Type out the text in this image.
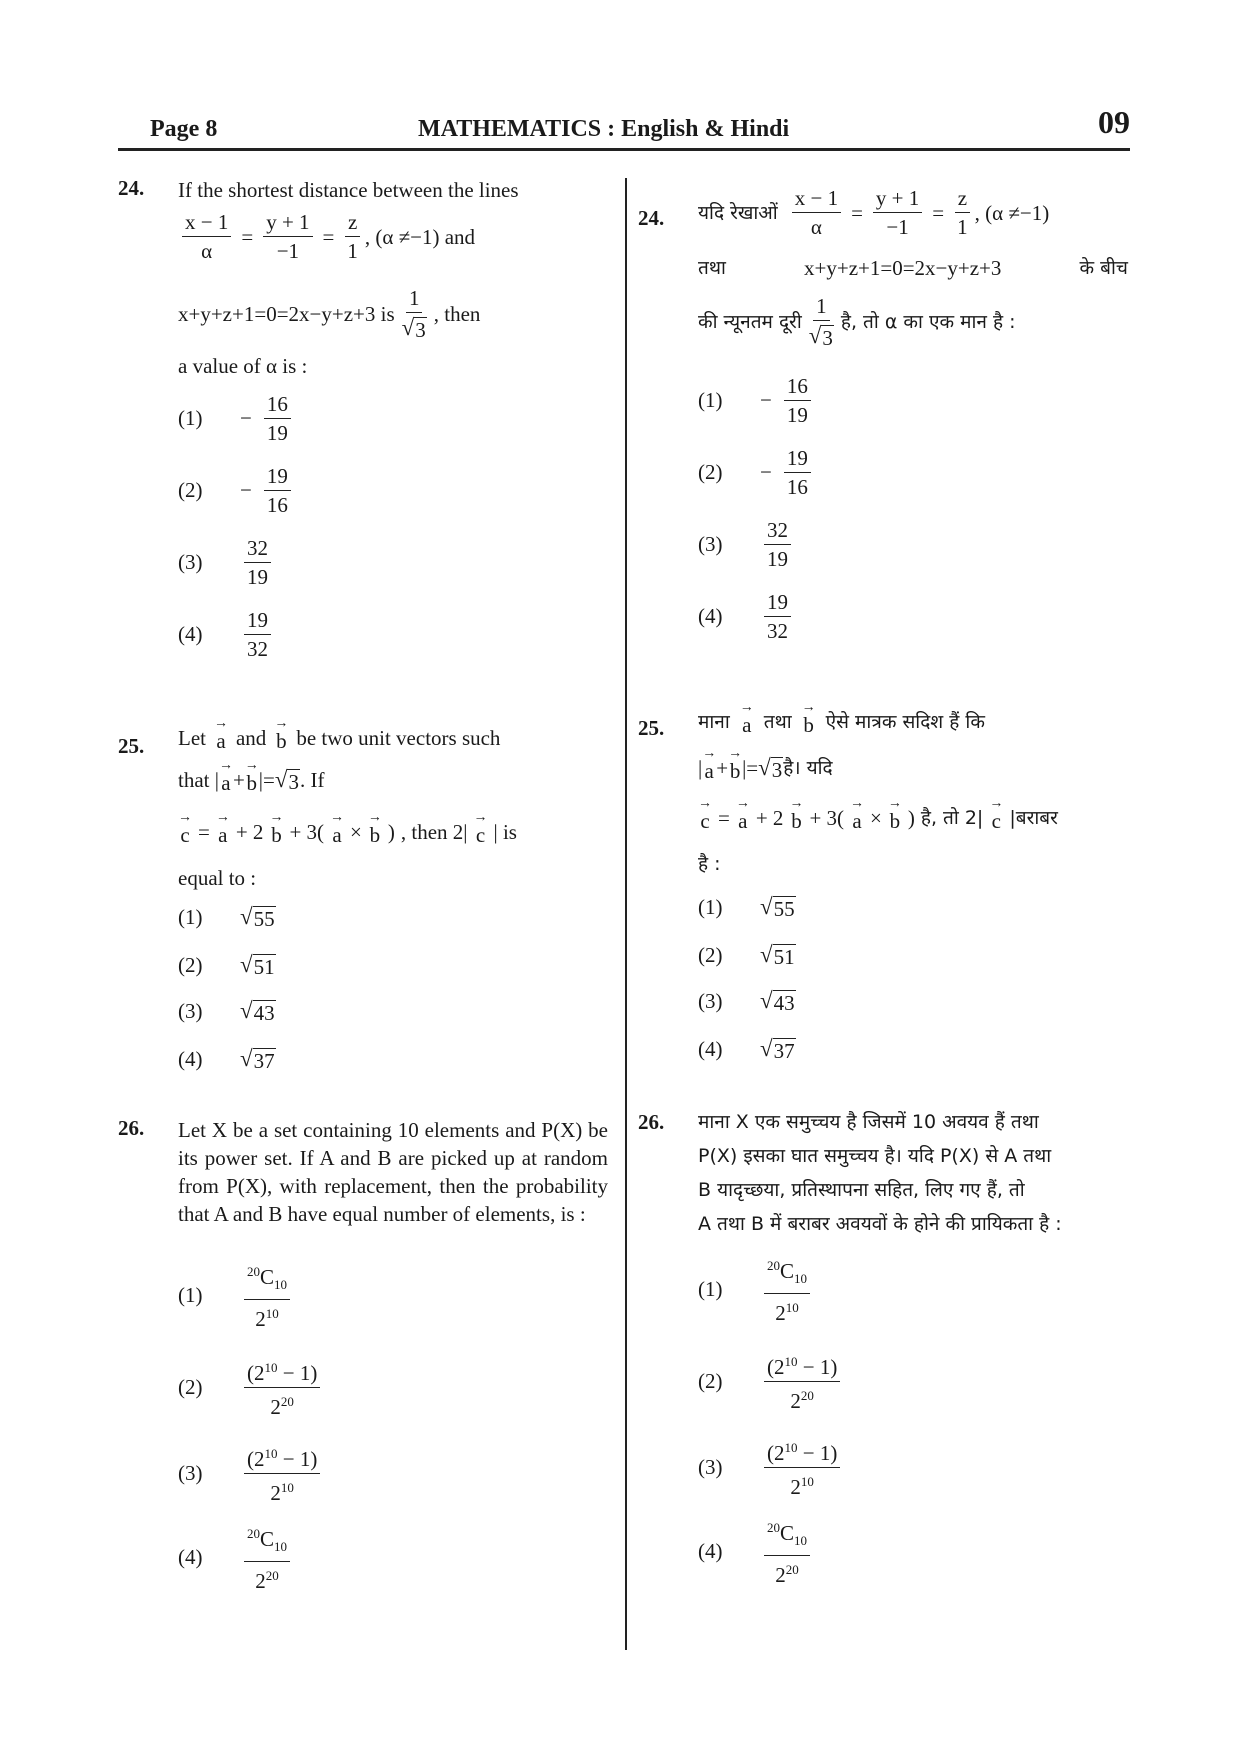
Page 8	MATHEMATICS : English & Hindi	09
24. If the shortest distance between the lines
$\frac{x - 1}{\alpha} = \frac{y + 1}{-1} = \frac{z}{1}$ , (α ≠−1) and
x+y+z+1=0=2x−y+z+3 is $\frac{1}{√ 3}$ , then
a value of α is :
(1)	− $\frac{16}{19}$
(2)	− $\frac{19}{16}$
(3)	$\frac{32}{19}$
(4)	$\frac{19}{32}$
25. Let
→
a and
→
b be two unit vectors such
that |
→
a +
→
b |= √ 3 . If
→
c =
→
a + 2
→
b + 3(
→
a ×
→
b ) , then 2|
→
c | is
equal to :
(1)	√ 55
(2)	√ 51
(3)	√ 43
(4)	√ 37
26. Let X be a set containing 10 elements and P(X) be its power set. If A and B are picked up at random from P(X), with replacement, then the probability that A and B have equal number of elements, is :
(1)	$\frac{^{20}C_{10}}{2^{10}}$
(2)	$\frac{(2^{10} - 1)}{2^{20}}$
(3)	$\frac{(2^{10} - 1)}{2^{10}}$
(4)	$\frac{^{20}C_{10}}{2^{20}}$
24. यदि रेखाओं $\frac{x - 1}{\alpha} = \frac{y + 1}{-1} = \frac{z}{1}$ , (α ≠−1)
तथा	x+y+z+1=0=2x−y+z+3	के बीच
की न्यूनतम दूरी $\frac{1}{√ 3}$ है, तो α का एक मान है :
(1)	− $\frac{16}{19}$
(2)	− $\frac{19}{16}$
(3)	$\frac{32}{19}$
(4)	$\frac{19}{32}$
25. माना
→
a तथा
→
b ऐसे मात्रक सदिश हैं कि
|
→
a +
→
b |= √ 3 है। यदि
→
c =
→
a + 2
→
b + 3(
→
a ×
→
b ) है, तो 2|
→
c |बराबर
है :
(1)	√ 55
(2)	√ 51
(3)	√ 43
(4)	√ 37
26. माना X एक समुच्चय है जिसमें 10 अवयव हैं तथा
P(X) इसका घात समुच्चय है। यदि P(X) से A तथा
B यादृच्छया, प्रतिस्थापना सहित, लिए गए हैं, तो
A तथा B में बराबर अवयवों के होने की प्रायिकता है :
(1)	$\frac{^{20}C_{10}}{2^{10}}$
(2)	$\frac{(2^{10} - 1)}{2^{20}}$
(3)	$\frac{(2^{10} - 1)}{2^{10}}$
(4)	$\frac{^{20}C_{10}}{2^{20}}$
